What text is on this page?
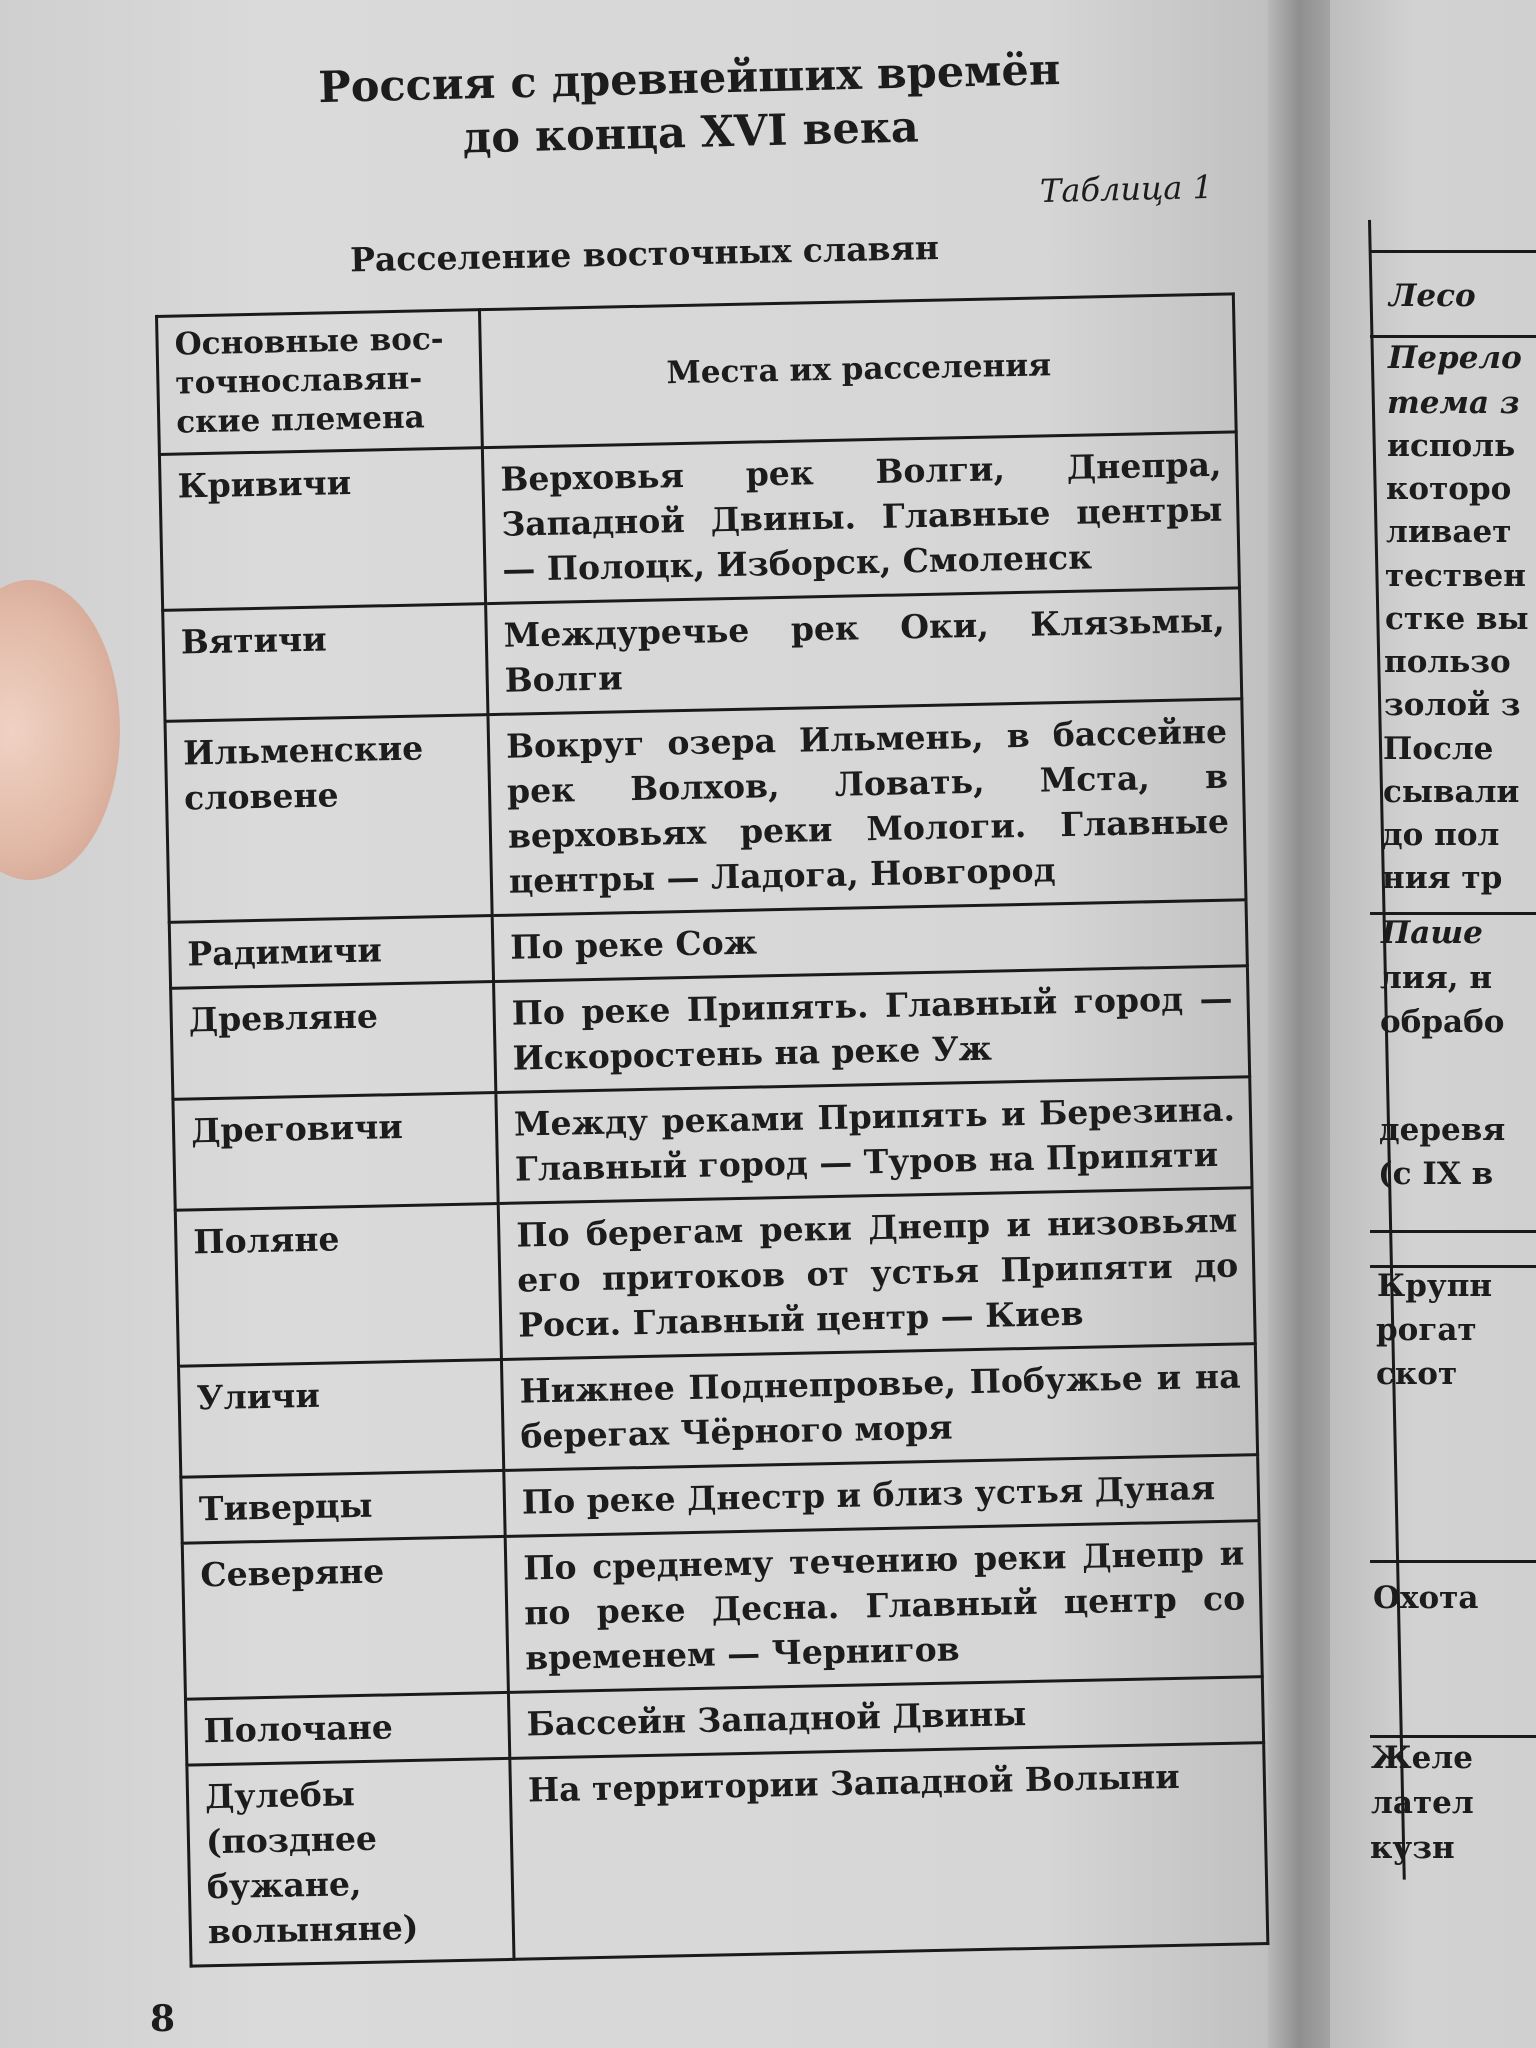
Россия с древнейших времён
до конца XVI века
Таблица 1
Расселение восточных славян
Основные вос-
точнославян-
ские племена	Места их расселения
Кривичи	Верховья рек Волги, Днепра, Западной Двины. Главные центры — Полоцк, Изборск, Смоленск
Вятичи	Междуречье рек Оки, Клязьмы, Волги
Ильменские словене	Вокруг озера Ильмень, в бассейне рек Волхов, Ловать, Мста, в верховьях реки Мологи. Главные центры — Ладога, Новгород
Радимичи	По реке Сож
Древляне	По реке Припять. Главный город — Искоростень на реке Уж
Дреговичи	Между реками Припять и Березина. Главный город — Туров на Припяти
Поляне	По берегам реки Днепр и низовьям его притоков от устья Припяти до Роси. Главный центр — Киев
Уличи	Нижнее Поднепровье, Побужье и на берегах Чёрного моря
Тиверцы	По реке Днестр и близ устья Дуная
Северяне	По среднему течению реки Днепр и по реке Десна. Главный центр со временем — Чернигов
Полочане	Бассейн Западной Двины
Дулебы (позднее бужане, волыняне)	На территории Западной Волыни
8
Лесо
Перело
тема з
исполь
которо
ливает
тествен
стке вы
пользо
золой з
После
сывали
до пол
ния тр
Паше
лия, н
обрабо
деревя
(с IX в
Крупн
рогат
скот
Охота
Желе
лател
кузн
